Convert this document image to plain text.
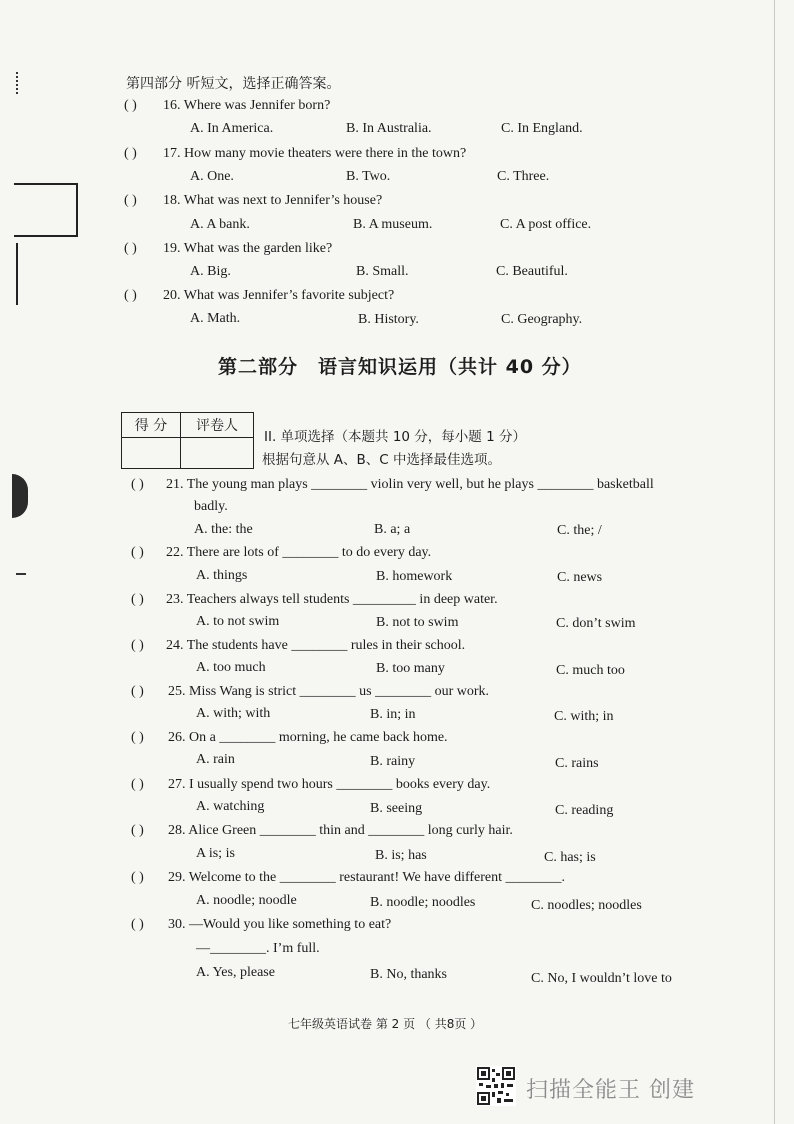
第四部分 听短文，选择正确答案。
( ) 16. Where was Jennifer born?
A. In America.	B. In Australia.	C. In England.
( ) 17. How many movie theaters were there in the town?
A. One.	B. Two.	C. Three.
( ) 18. What was next to Jennifer’s house?
A. A bank.	B. A museum.	C. A post office.
( ) 19. What was the garden like?
A. Big.	B. Small.	C. Beautiful.
( ) 20. What was Jennifer’s favorite subject?
A. Math.	B. History.	C. Geography.
第二部分　语言知识运用（共计 40 分）
得 分	评卷人

II. 单项选择（本题共 10 分，每小题 1 分）
根据句意从 A、B、C 中选择最佳选项。
( ) 21. The young man plays ________ violin very well, but he plays ________ basketball
badly.
A. the: the	B. a; a	C. the; /
( ) 22. There are lots of ________ to do every day.
A. things	B. homework	C. news
( ) 23. Teachers always tell students _________ in deep water.
A. to not swim	B. not to swim	C. don’t swim
( ) 24. The students have ________ rules in their school.
A. too much	B. too many	C. much too
( ) 25. Miss Wang is strict ________ us ________ our work.
A. with; with	B. in; in	C. with; in
( ) 26. On a ________ morning, he came back home.
A. rain	B. rainy	C. rains
( ) 27. I usually spend two hours ________ books every day.
A. watching	B. seeing	C. reading
( ) 28. Alice Green ________ thin and ________ long curly hair.
A is; is	B. is; has	C. has; is
( ) 29. Welcome to the ________ restaurant! We have different ________.
A. noodle; noodle	B. noodle; noodles	C. noodles; noodles
( ) 30. —Would you like something to eat?
—________. I’m full.
A. Yes, please	B. No, thanks	C. No, I wouldn’t love to
七年级英语试卷 第 2 页 （ 共8页 ）
扫描全能王 创建
